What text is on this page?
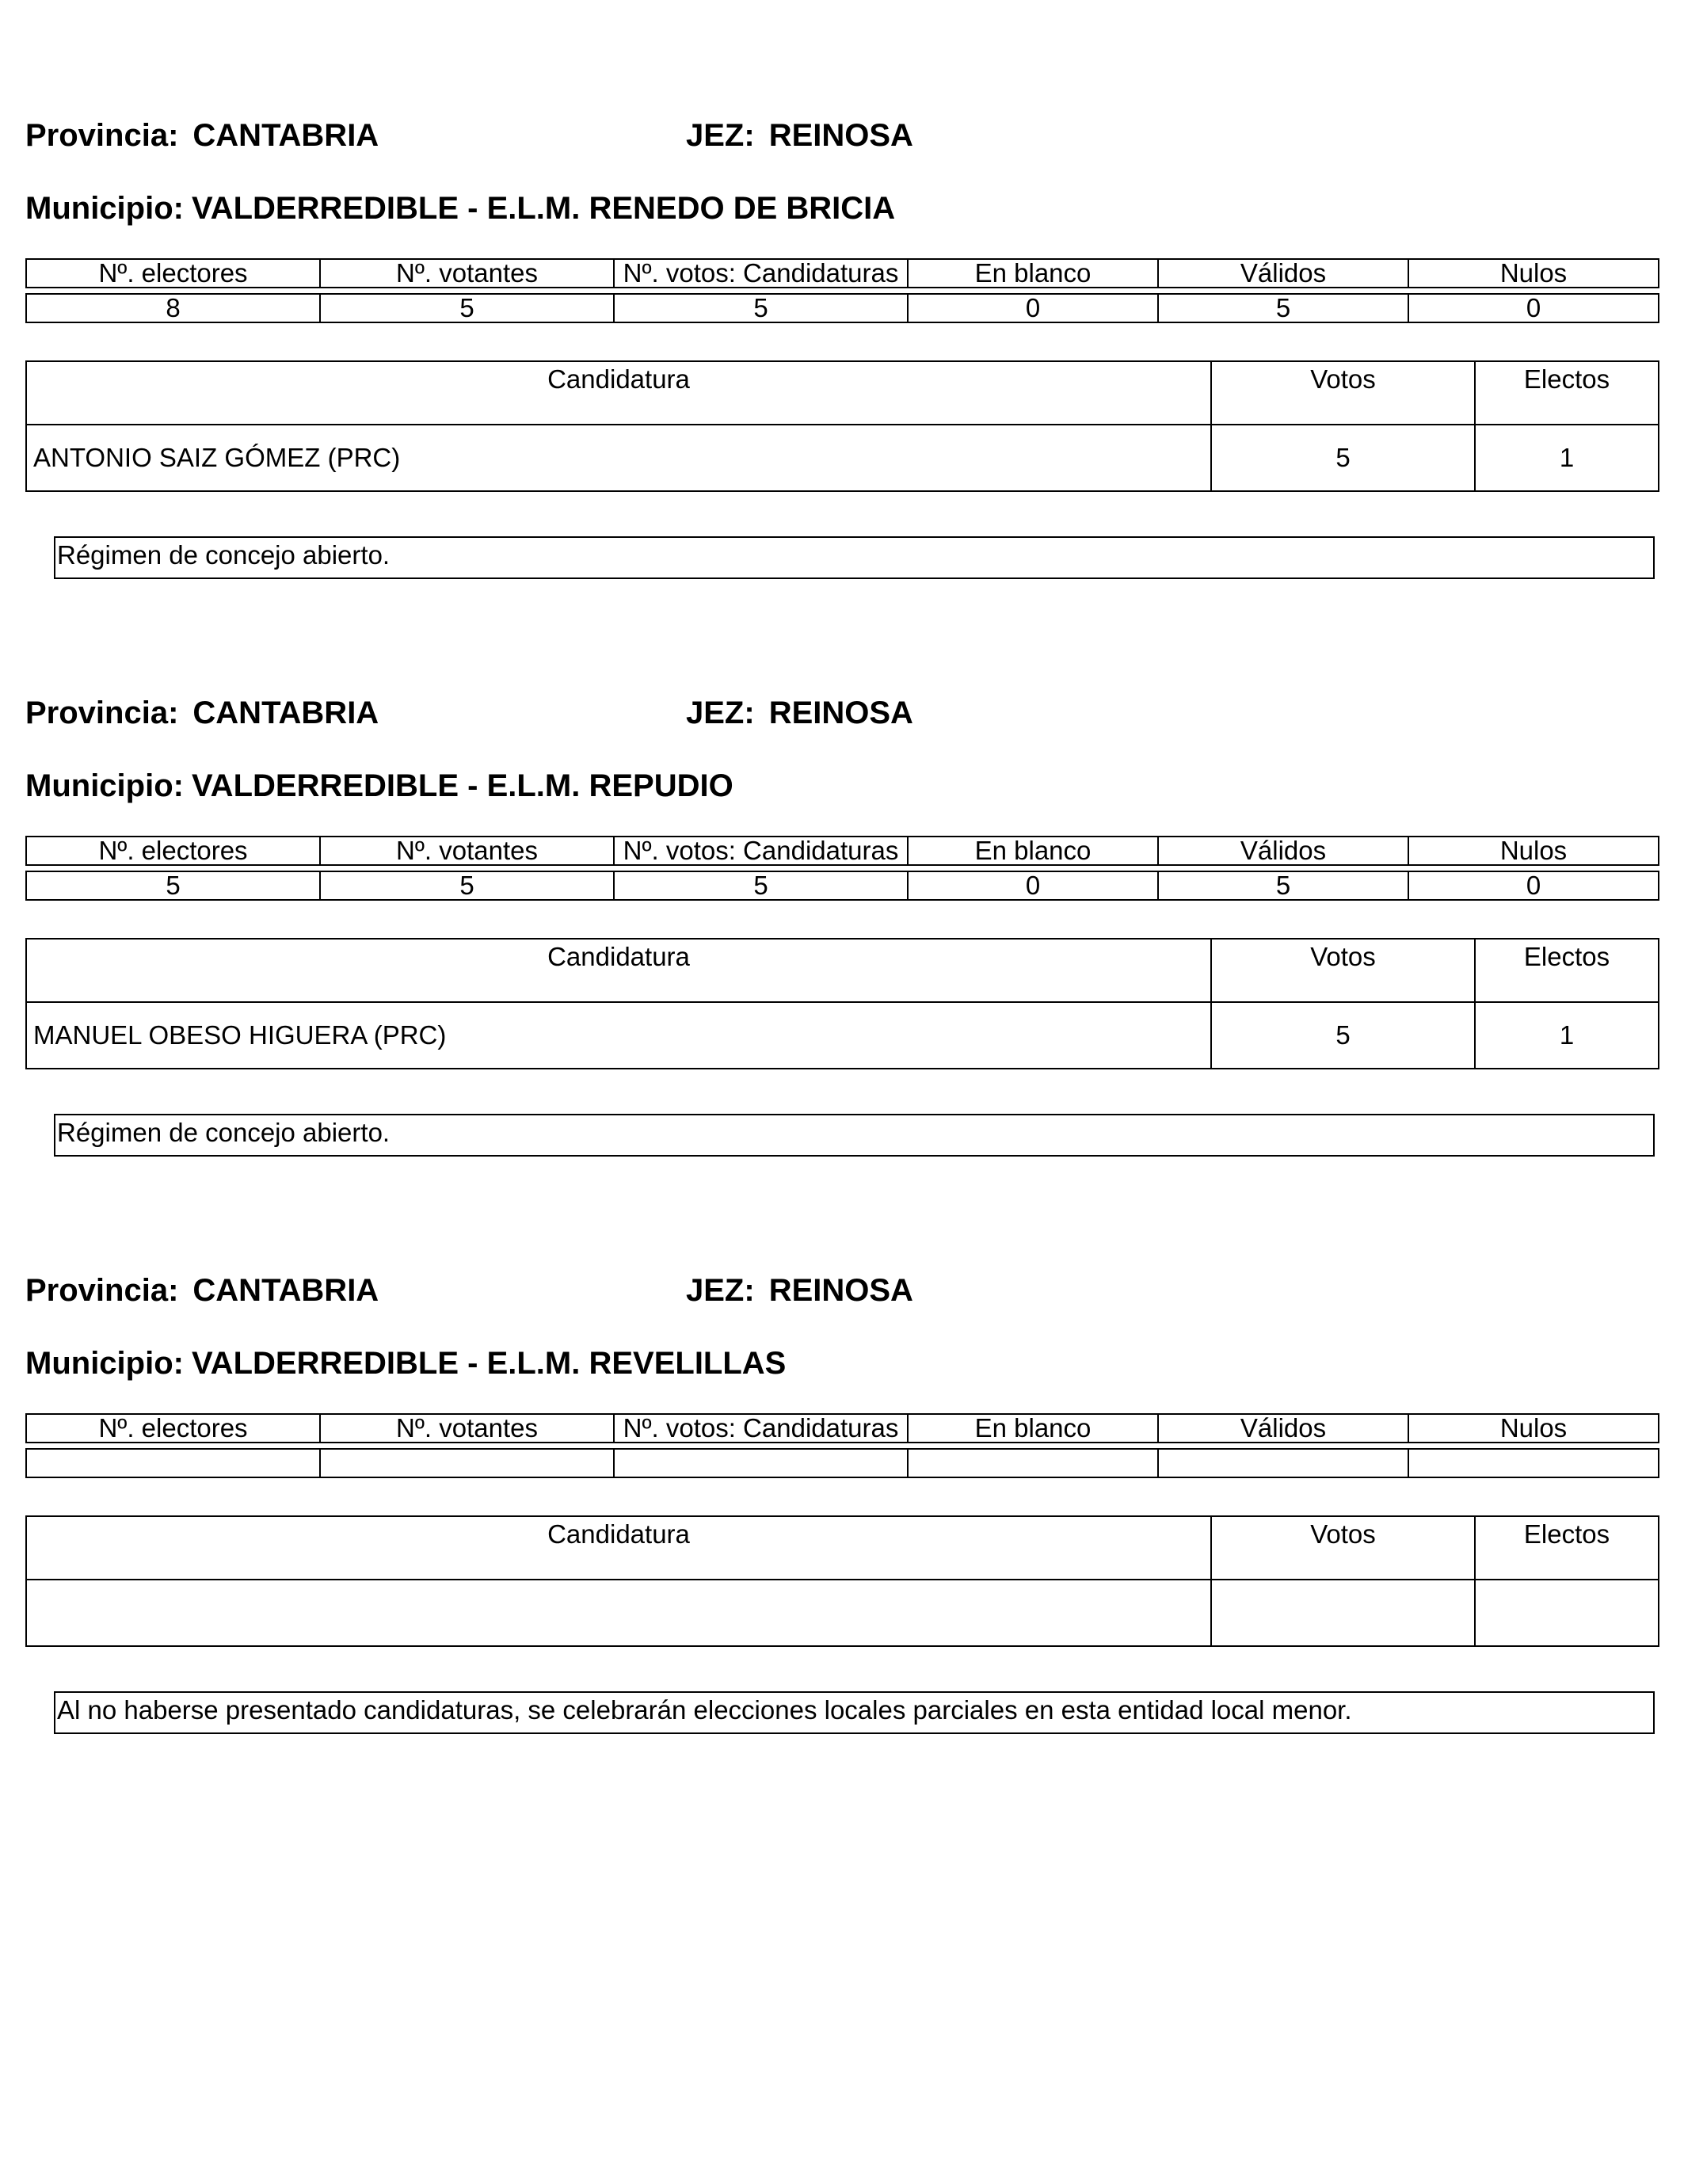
Provincia: CANTABRIA	JEZ: REINOSA
Municipio: VALDERREDIBLE - E.L.M. RENEDO DE BRICIA
Nº. electores	Nº. votantes	Nº. votos: Candidaturas	En blanco	Válidos	Nulos

8	5	5	0	5	0
Candidatura	Votos	Electos
ANTONIO SAIZ GÓMEZ (PRC)	5	1
Régimen de concejo abierto.
Provincia: CANTABRIA	JEZ: REINOSA
Municipio: VALDERREDIBLE - E.L.M. REPUDIO
Nº. electores	Nº. votantes	Nº. votos: Candidaturas	En blanco	Válidos	Nulos

5	5	5	0	5	0
Candidatura	Votos	Electos
MANUEL OBESO HIGUERA (PRC)	5	1
Régimen de concejo abierto.
Provincia: CANTABRIA	JEZ: REINOSA
Municipio: VALDERREDIBLE - E.L.M. REVELILLAS
Nº. electores	Nº. votantes	Nº. votos: Candidaturas	En blanco	Válidos	Nulos

Candidatura	Votos	Electos

Al no haberse presentado candidaturas, se celebrarán elecciones locales parciales en esta entidad local menor.
